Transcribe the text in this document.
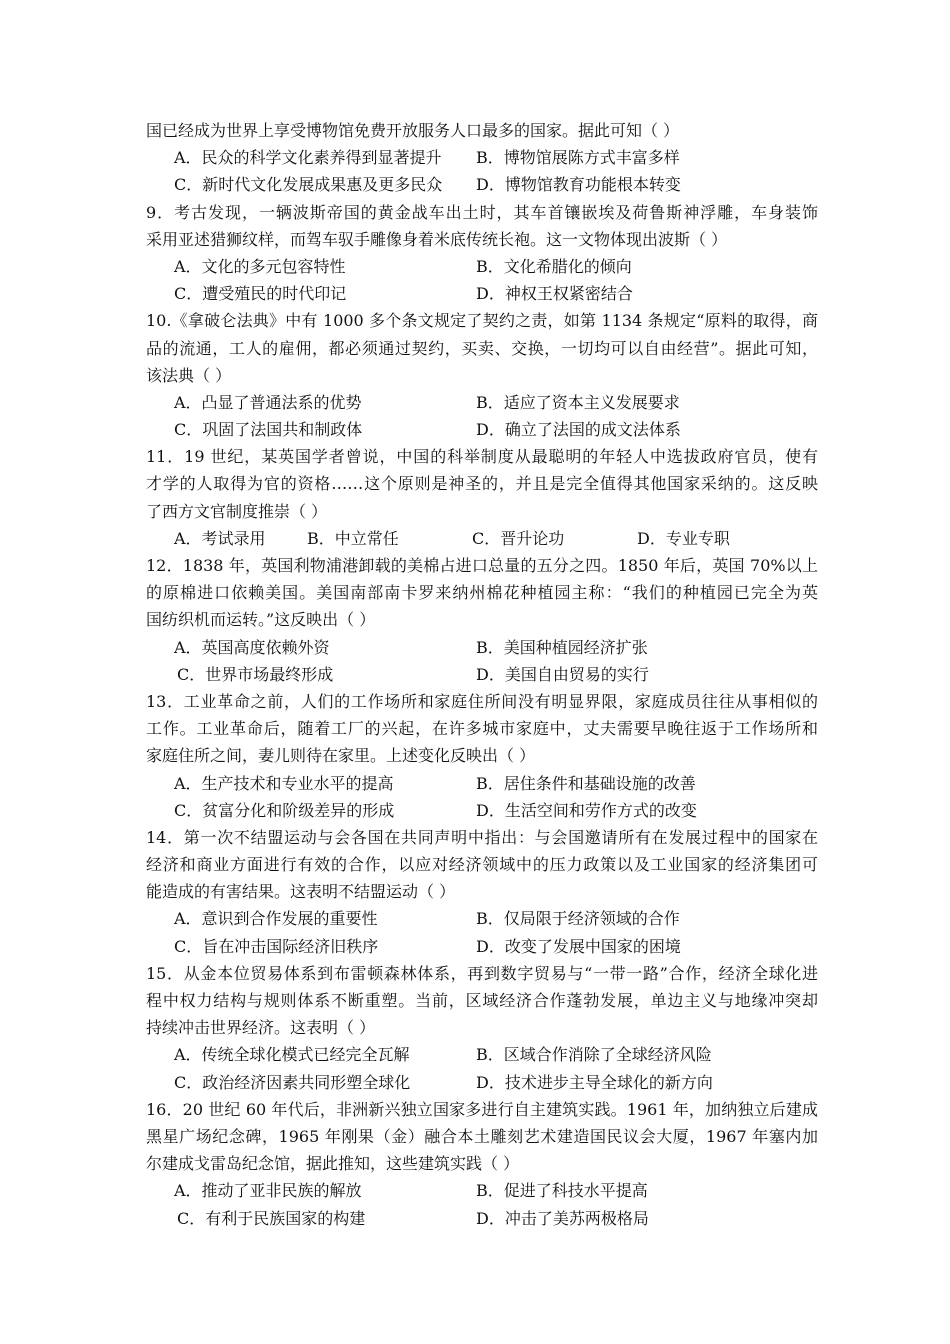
国已经成为世界上享受博物馆免费开放服务人口最多的国家。据此可知（ ）
A．民众的科学文化素养得到显著提升	B．博物馆展陈方式丰富多样
C．新时代文化发展成果惠及更多民众	D．博物馆教育功能根本转变
9．考古发现，一辆波斯帝国的黄金战车出土时，其车首镶嵌埃及荷鲁斯神浮雕，车身装饰
采用亚述猎狮纹样，而驾车驭手雕像身着米底传统长袍。这一文物体现出波斯（ ）
A．文化的多元包容特性	B．文化希腊化的倾向
C．遭受殖民的时代印记	D．神权王权紧密结合
10.《拿破仑法典》中有 1000 多个条文规定了契约之责，如第 1134 条规定“原料的取得，商
品的流通，工人的雇佣，都必须通过契约，买卖、交换，一切均可以自由经营”。据此可知，
该法典（ ）
A．凸显了普通法系的优势	B．适应了资本主义发展要求
C．巩固了法国共和制政体	D．确立了法国的成文法体系
11．19 世纪，某英国学者曾说，中国的科举制度从最聪明的年轻人中选拔政府官员，使有
才学的人取得为官的资格……这个原则是神圣的，并且是完全值得其他国家采纳的。这反映
了西方文官制度推崇（ ）
A．考试录用	B．中立常任	C．晋升论功	D．专业专职
12．1838 年，英国利物浦港卸载的美棉占进口总量的五分之四。1850 年后，英国 70%以上
的原棉进口依赖美国。美国南部南卡罗来纳州棉花种植园主称：“我们的种植园已完全为英
国纺织机而运转。”这反映出（ ）
A．英国高度依赖外资	B．美国种植园经济扩张
C．世界市场最终形成	D．美国自由贸易的实行
13．工业革命之前，人们的工作场所和家庭住所间没有明显界限，家庭成员往往从事相似的
工作。工业革命后，随着工厂的兴起，在许多城市家庭中，丈夫需要早晚往返于工作场所和
家庭住所之间，妻儿则待在家里。上述变化反映出（ ）
A．生产技术和专业水平的提高	B．居住条件和基础设施的改善
C．贫富分化和阶级差异的形成	D．生活空间和劳作方式的改变
14．第一次不结盟运动与会各国在共同声明中指出：与会国邀请所有在发展过程中的国家在
经济和商业方面进行有效的合作，以应对经济领域中的压力政策以及工业国家的经济集团可
能造成的有害结果。这表明不结盟运动（ ）
A．意识到合作发展的重要性	B．仅局限于经济领域的合作
C．旨在冲击国际经济旧秩序	D．改变了发展中国家的困境
15．从金本位贸易体系到布雷顿森林体系，再到数字贸易与“一带一路”合作，经济全球化进
程中权力结构与规则体系不断重塑。当前，区域经济合作蓬勃发展，单边主义与地缘冲突却
持续冲击世界经济。这表明（ ）
A．传统全球化模式已经完全瓦解	B．区域合作消除了全球经济风险
C．政治经济因素共同形塑全球化	D．技术进步主导全球化的新方向
16．20 世纪 60 年代后，非洲新兴独立国家多进行自主建筑实践。1961 年，加纳独立后建成
黑星广场纪念碑，1965 年刚果（金）融合本土雕刻艺术建造国民议会大厦，1967 年塞内加
尔建成戈雷岛纪念馆，据此推知，这些建筑实践（ ）
A．推动了亚非民族的解放	B．促进了科技水平提高
C．有利于民族国家的构建	D．冲击了美苏两极格局
